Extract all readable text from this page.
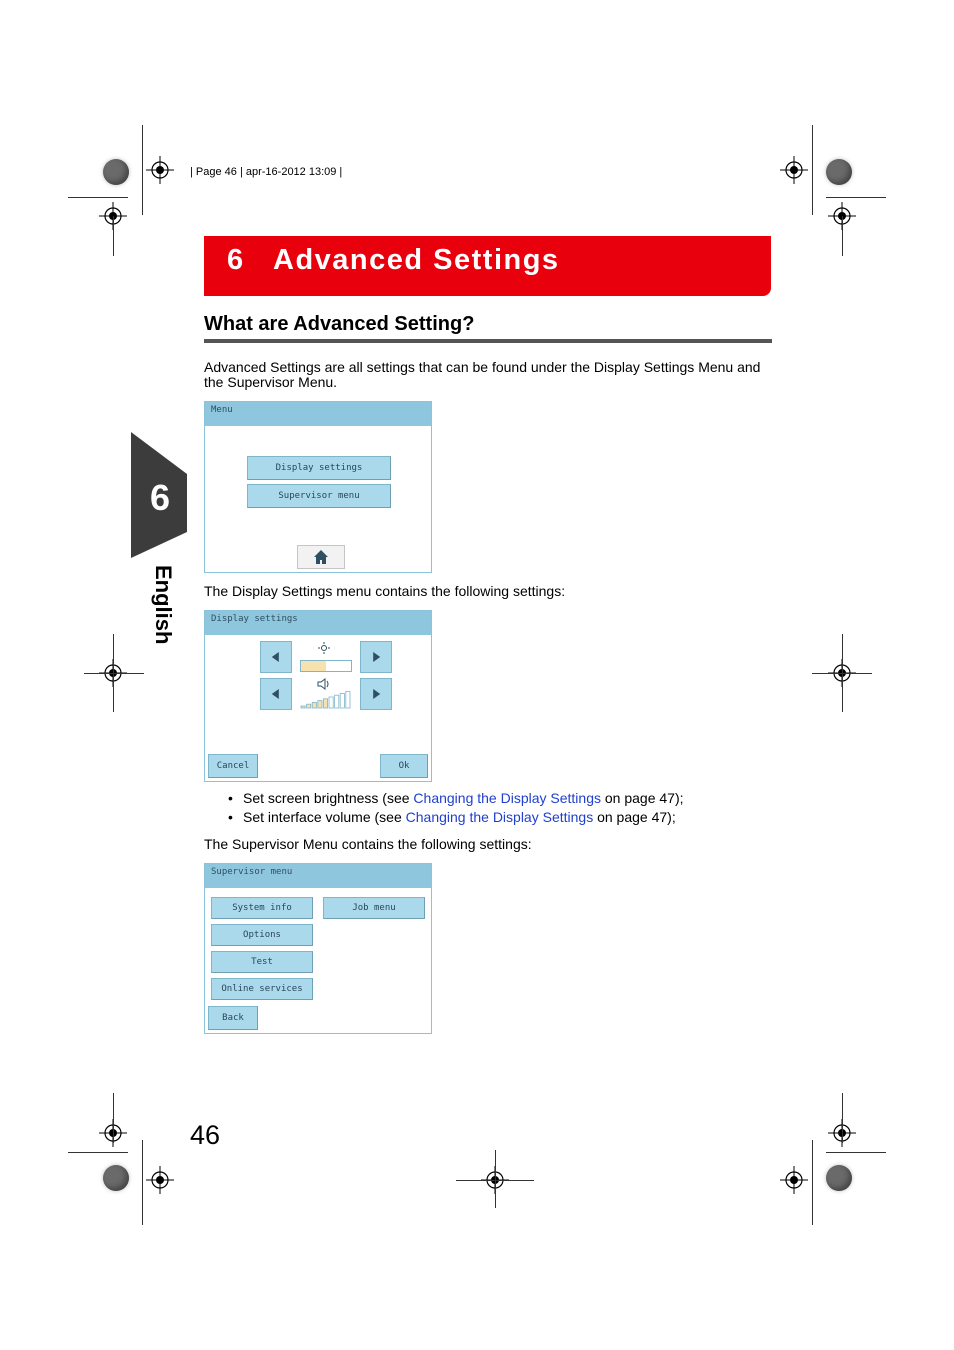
| Page 46 | apr-16-2012 13:09 |
6 Advanced Settings
What are Advanced Setting?
Advanced Settings are all settings that can be found under the Display Settings Menu and the Supervisor Menu.
6
English
Menu
Display settings
Supervisor menu
The Display Settings menu contains the following settings:
Display settings
Cancel	Ok
• Set screen brightness (see Changing the Display Settings on page 47);
• Set interface volume (see Changing the Display Settings on page 47);
The Supervisor Menu contains the following settings:
Supervisor menu
System info	Job menu
Options
Test
Online services
Back
46
